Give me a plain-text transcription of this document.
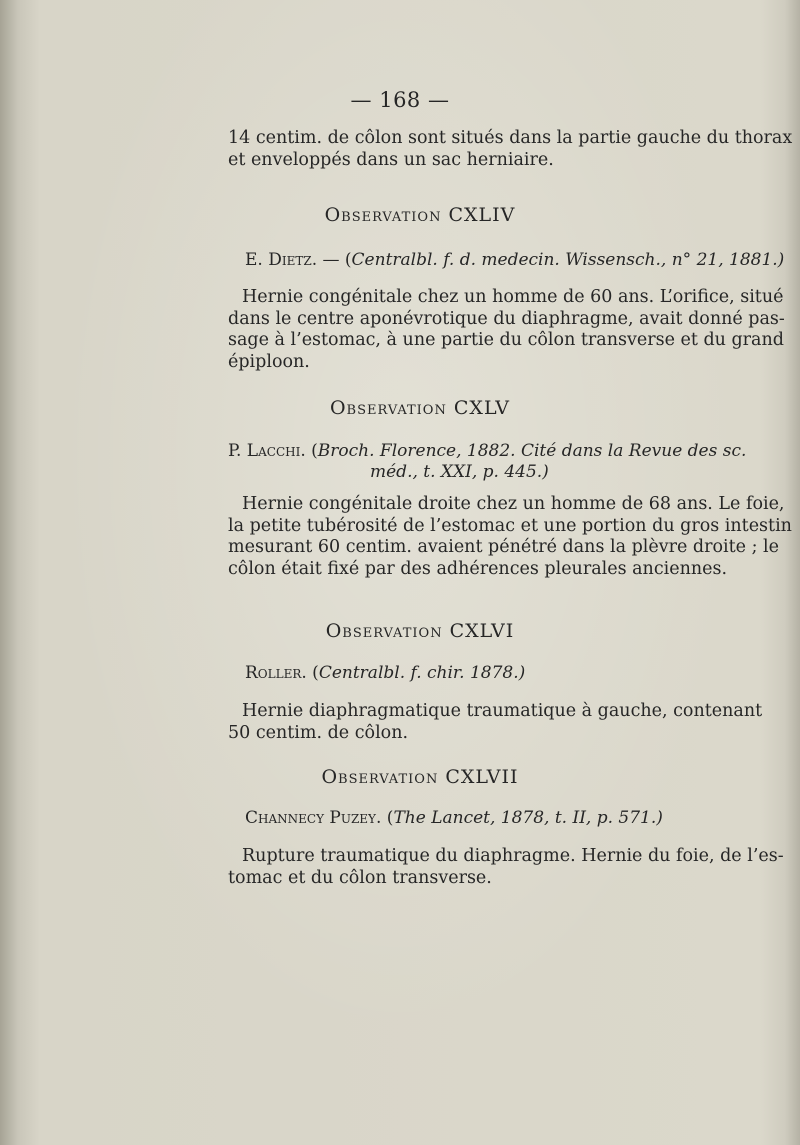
— 168 —
14 centim. de côlon sont situés dans la partie gauche du thorax
et enveloppés dans un sac herniaire.
Observation CXLIV
E. Dietz. — (Centralbl. f. d. medecin. Wissensch., n° 21, 1881.)
Hernie congénitale chez un homme de 60 ans. L’orifice, situé
dans le centre aponévrotique du diaphragme, avait donné pas-
sage à l’estomac, à une partie du côlon transverse et du grand
épiploon.
Observation CXLV
P. Lacchi. (Broch. Florence, 1882. Cité dans la Revue des sc.
méd., t. XXI, p. 445.)
Hernie congénitale droite chez un homme de 68 ans. Le foie,
la petite tubérosité de l’estomac et une portion du gros intestin
mesurant 60 centim. avaient pénétré dans la plèvre droite ; le
côlon était fixé par des adhérences pleurales anciennes.
Observation CXLVI
Roller. (Centralbl. f. chir. 1878.)
Hernie diaphragmatique traumatique à gauche, contenant
50 centim. de côlon.
Observation CXLVII
Channecy Puzey. (The Lancet, 1878, t. II, p. 571.)
Rupture traumatique du diaphragme. Hernie du foie, de l’es-
tomac et du côlon transverse.
